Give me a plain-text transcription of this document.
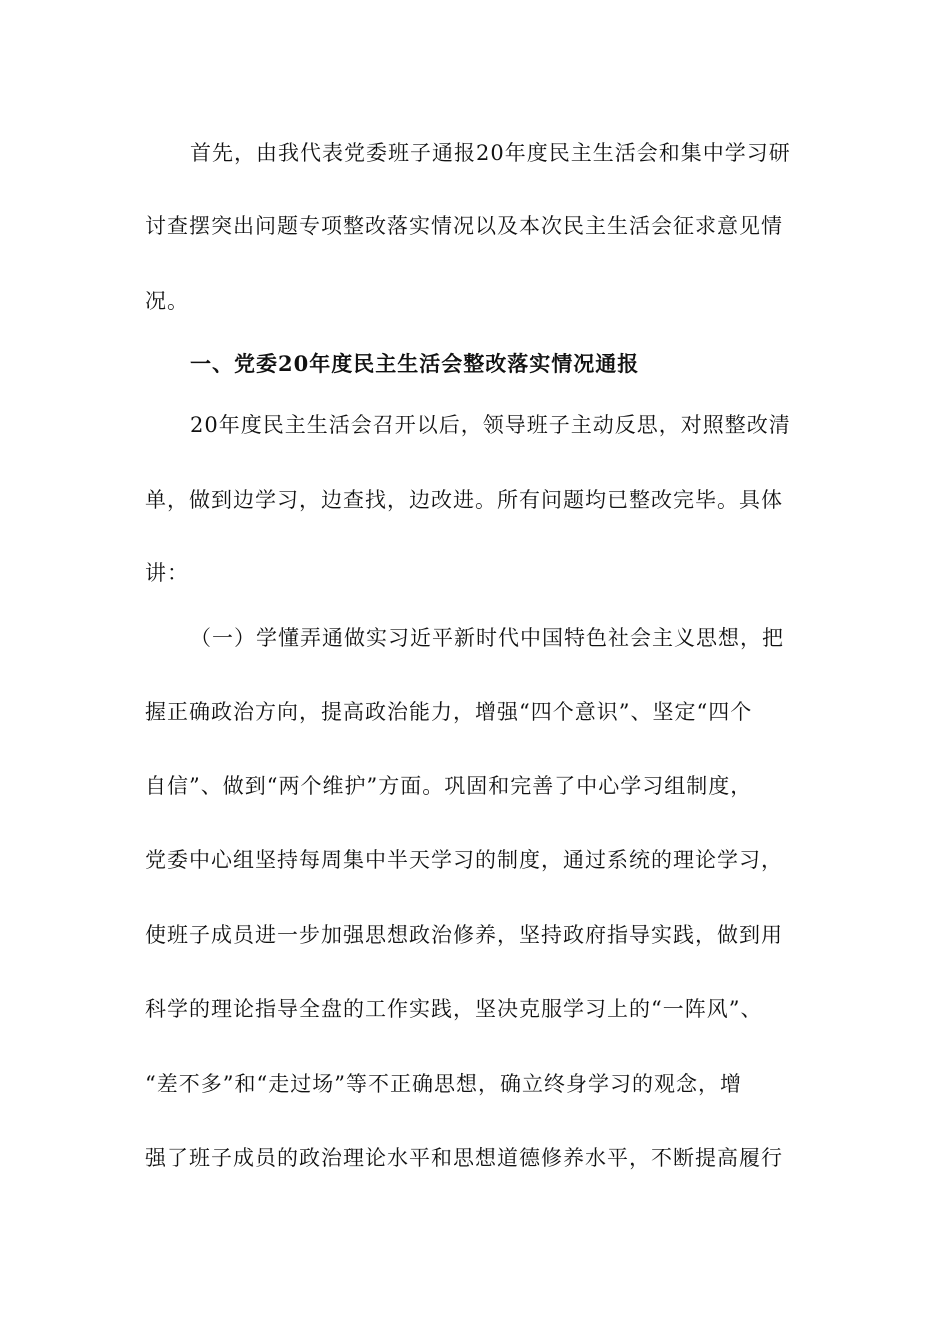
首先，由我代表党委班子通报20年度民主生活会和集中学习研
讨查摆突出问题专项整改落实情况以及本次民主生活会征求意见情
况。
一、党委20年度民主生活会整改落实情况通报
20年度民主生活会召开以后，领导班子主动反思，对照整改清
单，做到边学习，边查找，边改进。所有问题均已整改完毕。具体
讲：
（一）学懂弄通做实习近平新时代中国特色社会主义思想，把
握正确政治方向，提高政治能力，增强“四个意识”、坚定“四个
自信”、做到“两个维护”方面。巩固和完善了中心学习组制度，
党委中心组坚持每周集中半天学习的制度，通过系统的理论学习，
使班子成员进一步加强思想政治修养，坚持政府指导实践，做到用
科学的理论指导全盘的工作实践，坚决克服学习上的“一阵风”、
“差不多”和“走过场”等不正确思想，确立终身学习的观念，增
强了班子成员的政治理论水平和思想道德修养水平，不断提高履行
